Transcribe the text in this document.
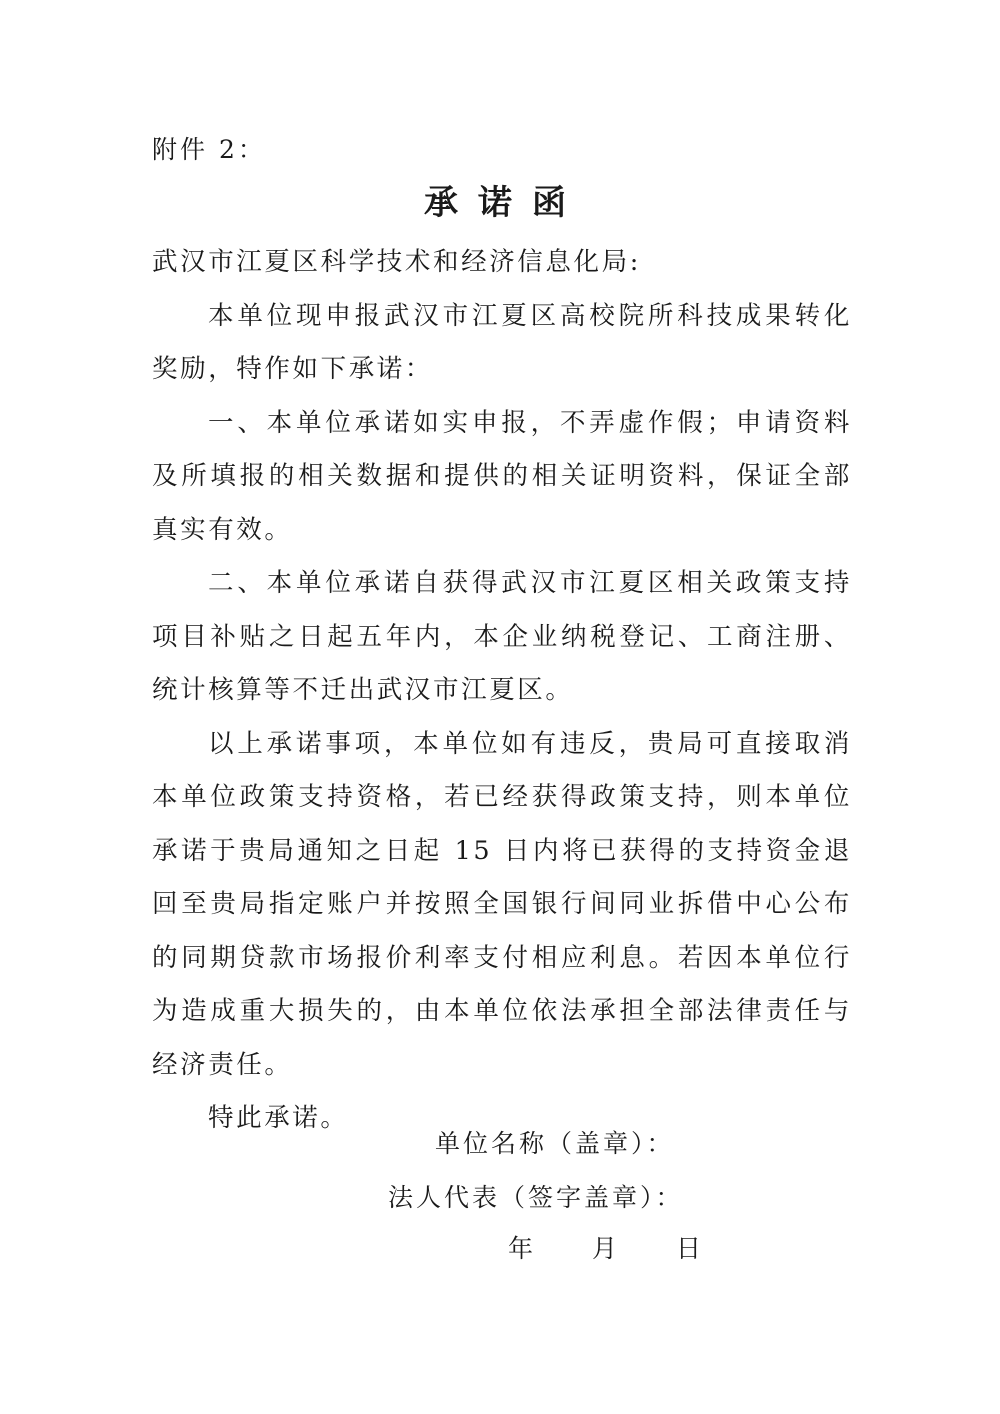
附件 2：
承诺函

武汉市江夏区科学技术和经济信息化局:

本单位现申报武汉市江夏区高校院所科技成果转化奖励，特作如下承诺：

一、本单位承诺如实申报，不弄虚作假；申请资料及所填报的相关数据和提供的相关证明资料，保证全部真实有效。

二、本单位承诺自获得武汉市江夏区相关政策支持项目补贴之日起五年内，本企业纳税登记、工商注册、统计核算等不迁出武汉市江夏区。

以上承诺事项，本单位如有违反，贵局可直接取消本单位政策支持资格，若已经获得政策支持，则本单位承诺于贵局通知之日起 15 日内将已获得的支持资金退回至贵局指定账户并按照全国银行间同业拆借中心公布的同期贷款市场报价利率支付相应利息。若因本单位行为造成重大损失的，由本单位依法承担全部法律责任与经济责任。

特此承诺。

单位名称（盖章）：
法人代表（签字盖章）：
年 月 日
